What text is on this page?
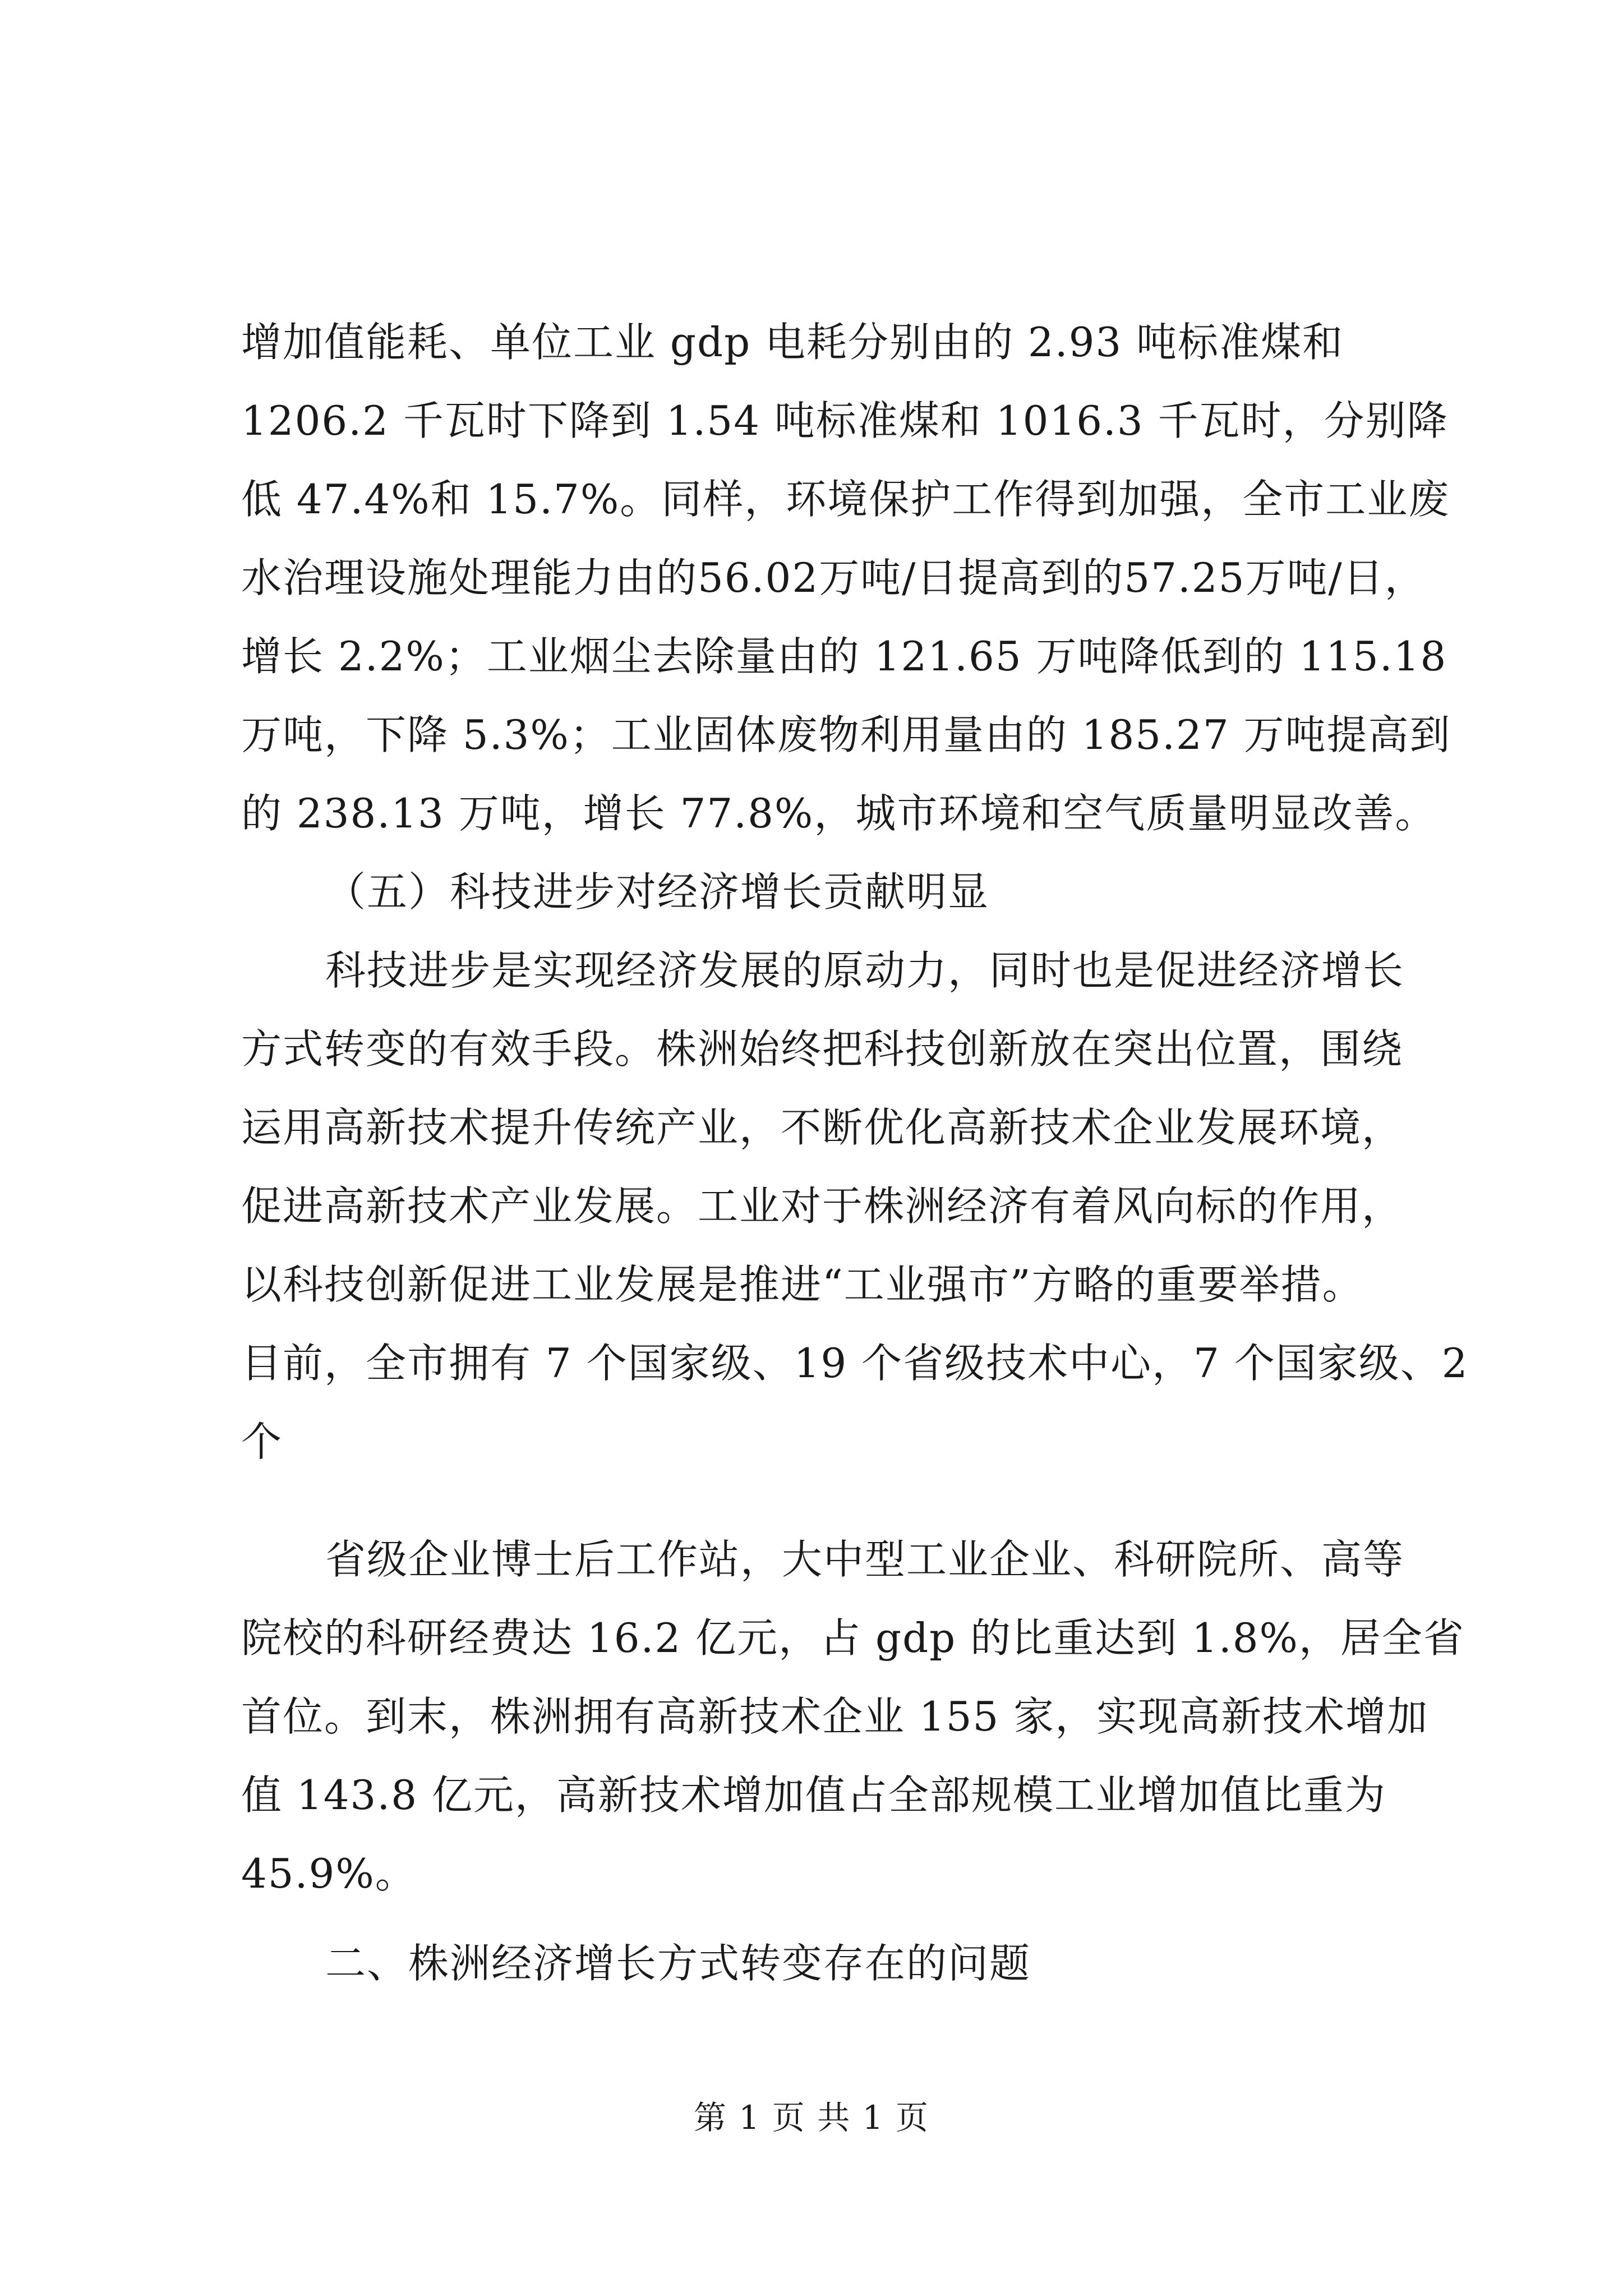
增加值能耗、单位工业 gdp 电耗分别由的 2.93 吨标准煤和
1206.2 千瓦时下降到 1.54 吨标准煤和 1016.3 千瓦时，分别降
低 47.4%和 15.7%。同样，环境保护工作得到加强，全市工业废
水治理设施处理能力由的56.02万吨/日提高到的57.25万吨/日，
增长 2.2%；工业烟尘去除量由的 121.65 万吨降低到的 115.18
万吨，下降 5.3%；工业固体废物利用量由的 185.27 万吨提高到
的 238.13 万吨，增长 77.8%，城市环境和空气质量明显改善。
（五）科技进步对经济增长贡献明显
科技进步是实现经济发展的原动力，同时也是促进经济增长
方式转变的有效手段。株洲始终把科技创新放在突出位置，围绕
运用高新技术提升传统产业，不断优化高新技术企业发展环境，
促进高新技术产业发展。工业对于株洲经济有着风向标的作用，
以科技创新促进工业发展是推进“工业强市”方略的重要举措。
目前，全市拥有 7 个国家级、19 个省级技术中心，7 个国家级、2
个
省级企业博士后工作站，大中型工业企业、科研院所、高等
院校的科研经费达 16.2 亿元，占 gdp 的比重达到 1.8%，居全省
首位。到末，株洲拥有高新技术企业 155 家，实现高新技术增加
值 143.8 亿元，高新技术增加值占全部规模工业增加值比重为
45.9%。
二、株洲经济增长方式转变存在的问题
第 1 页 共 1 页
